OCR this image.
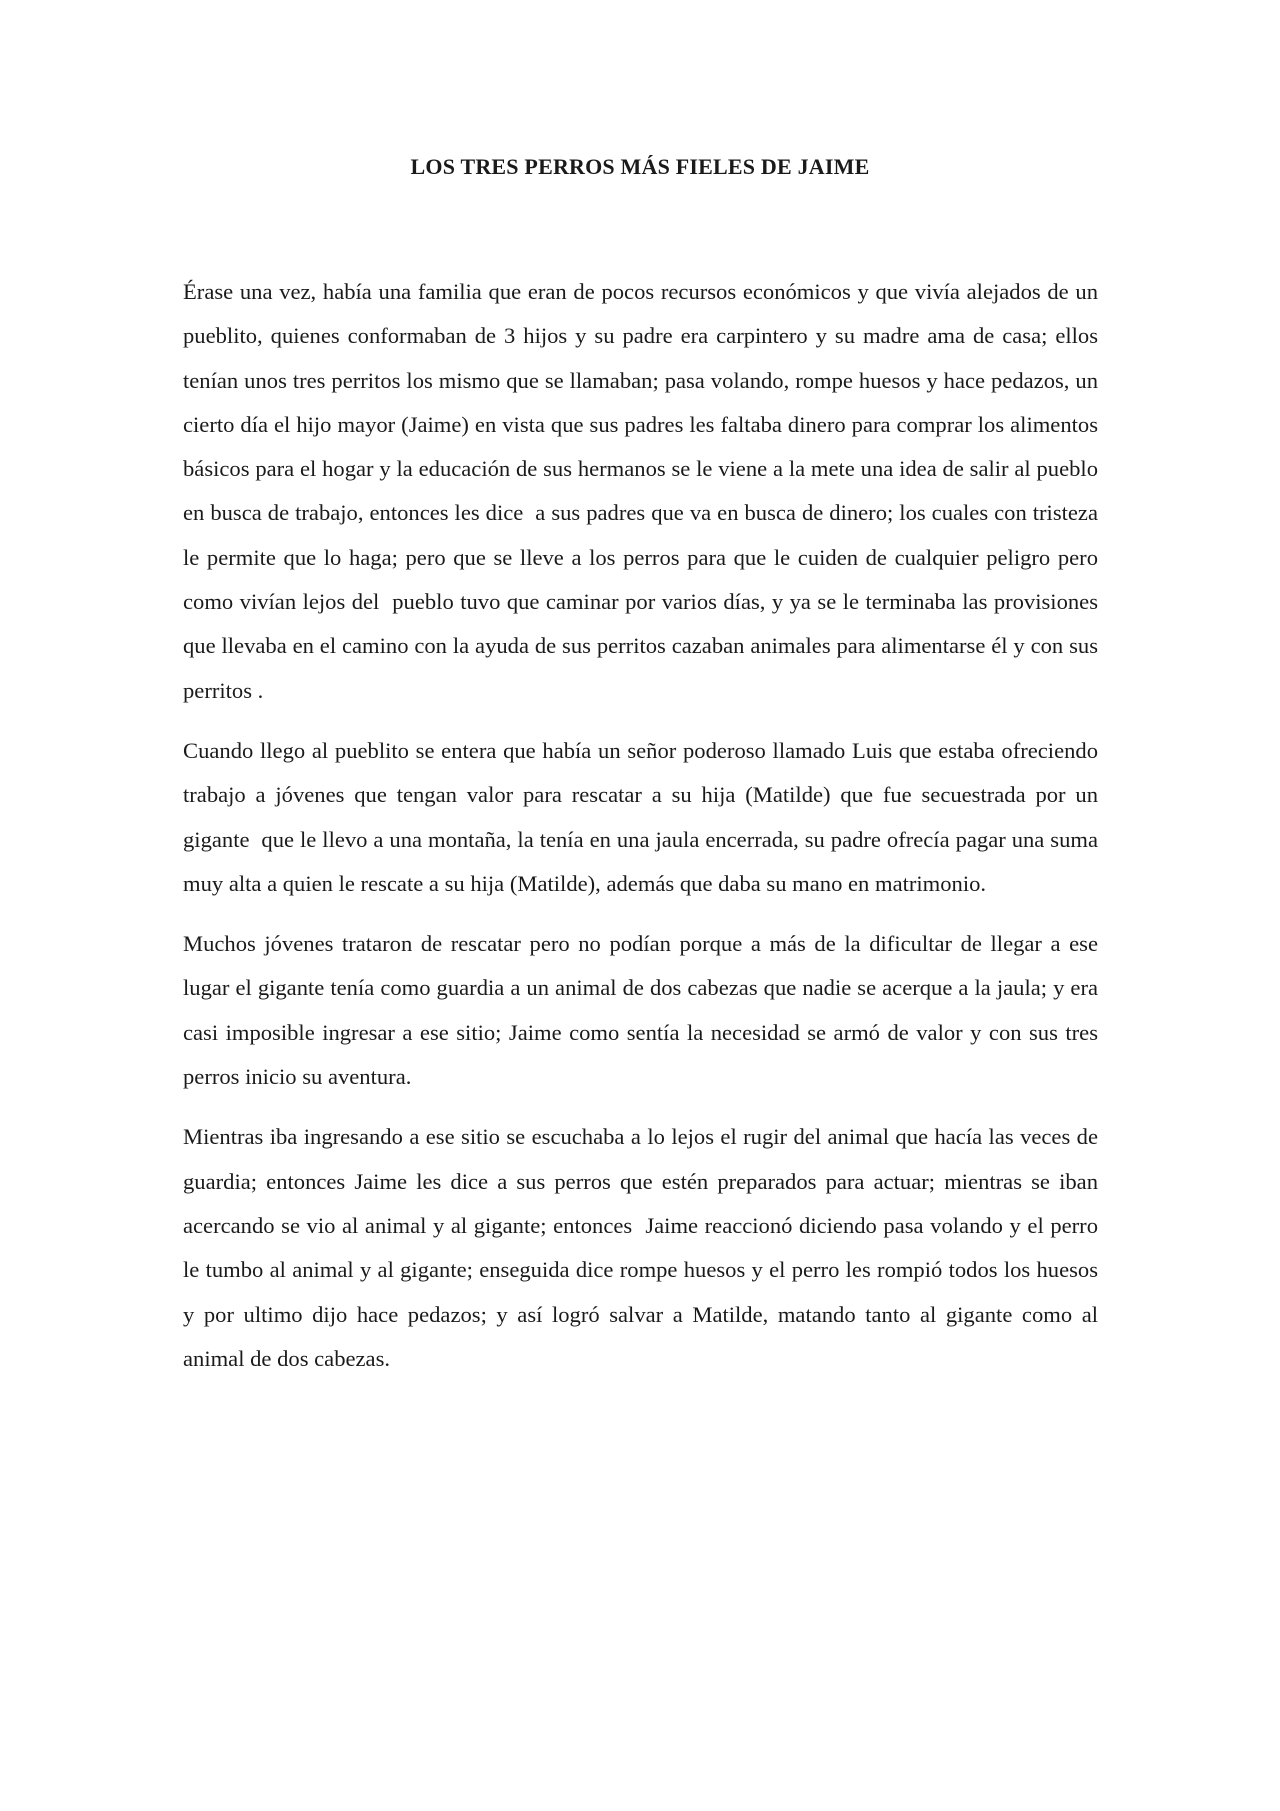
LOS TRES PERROS MÁS FIELES DE JAIME

Érase una vez, había una familia que eran de pocos recursos económicos y que vivía alejados de un pueblito, quienes conformaban de 3 hijos y su padre era carpintero y su madre ama de casa; ellos tenían unos tres perritos los mismo que se llamaban; pasa volando, rompe huesos y hace pedazos, un cierto día el hijo mayor (Jaime) en vista que sus padres les faltaba dinero para comprar los alimentos básicos para el hogar y la educación de sus hermanos se le viene a la mete una idea de salir al pueblo en busca de trabajo, entonces les dice  a sus padres que va en busca de dinero; los cuales con tristeza le permite que lo haga; pero que se lleve a los perros para que le cuiden de cualquier peligro pero como vivían lejos del  pueblo tuvo que caminar por varios días, y ya se le terminaba las provisiones que llevaba en el camino con la ayuda de sus perritos cazaban animales para alimentarse él y con sus perritos .

Cuando llego al pueblito se entera que había un señor poderoso llamado Luis que estaba ofreciendo trabajo a jóvenes que tengan valor para rescatar a su hija (Matilde) que fue secuestrada por un gigante  que le llevo a una montaña, la tenía en una jaula encerrada, su padre ofrecía pagar una suma muy alta a quien le rescate a su hija (Matilde), además que daba su mano en matrimonio.

Muchos jóvenes trataron de rescatar pero no podían porque a más de la dificultar de llegar a ese lugar el gigante tenía como guardia a un animal de dos cabezas que nadie se acerque a la jaula; y era casi imposible ingresar a ese sitio; Jaime como sentía la necesidad se armó de valor y con sus tres perros inicio su aventura.

Mientras iba ingresando a ese sitio se escuchaba a lo lejos el rugir del animal que hacía las veces de guardia; entonces Jaime les dice a sus perros que estén preparados para actuar; mientras se iban acercando se vio al animal y al gigante; entonces  Jaime reaccionó diciendo pasa volando y el perro le tumbo al animal y al gigante; enseguida dice rompe huesos y el perro les rompió todos los huesos y por ultimo dijo hace pedazos; y así logró salvar a Matilde, matando tanto al gigante como al animal de dos cabezas.
